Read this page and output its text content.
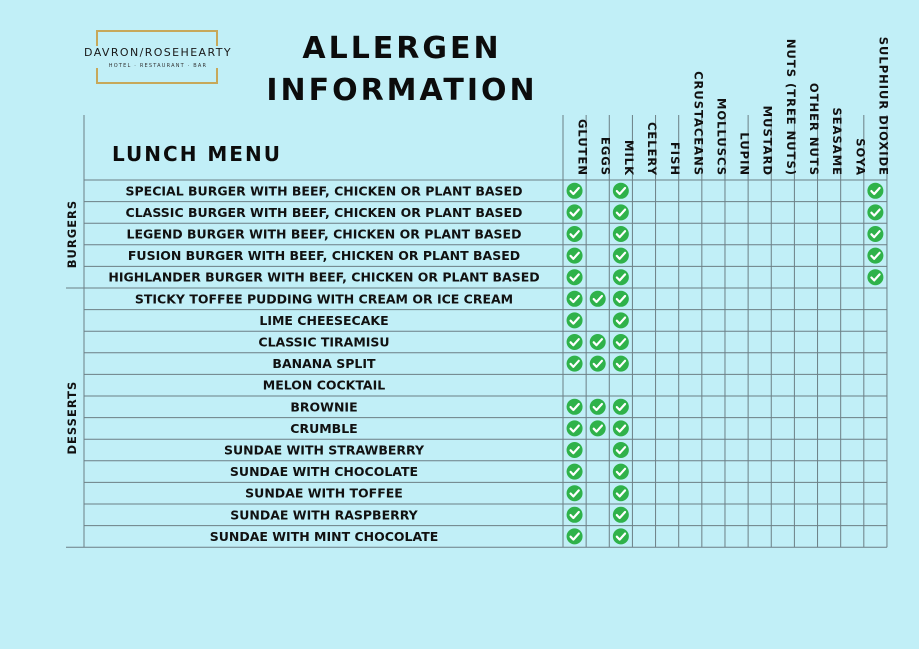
DAVRON/ROSEHEARTY
HOTEL · RESTAURANT · BAR	ALLERGEN
INFORMATION
LUNCH MENU	GLUTEN EGGS MILK CELERY FISH CRUSTACEANS MOLLUSCS LUPIN MUSTARD NUTS (TREE NUTS) OTHER NUTS SEASAME SOYA SULPHIUR DIOXIDE
BURGERS
DESSERTS
SPECIAL BURGER WITH BEEF, CHICKEN OR PLANT BASED
CLASSIC BURGER WITH BEEF, CHICKEN OR PLANT BASED
LEGEND BURGER WITH BEEF, CHICKEN OR PLANT BASED
FUSION BURGER WITH BEEF, CHICKEN OR PLANT BASED
HIGHLANDER BURGER WITH BEEF, CHICKEN OR PLANT BASED
STICKY TOFFEE PUDDING WITH CREAM OR ICE CREAM
LIME CHEESECAKE
CLASSIC TIRAMISU
BANANA SPLIT
MELON COCKTAIL
BROWNIE
CRUMBLE
SUNDAE WITH STRAWBERRY
SUNDAE WITH CHOCOLATE
SUNDAE WITH TOFFEE
SUNDAE WITH RASPBERRY
SUNDAE WITH MINT CHOCOLATE
